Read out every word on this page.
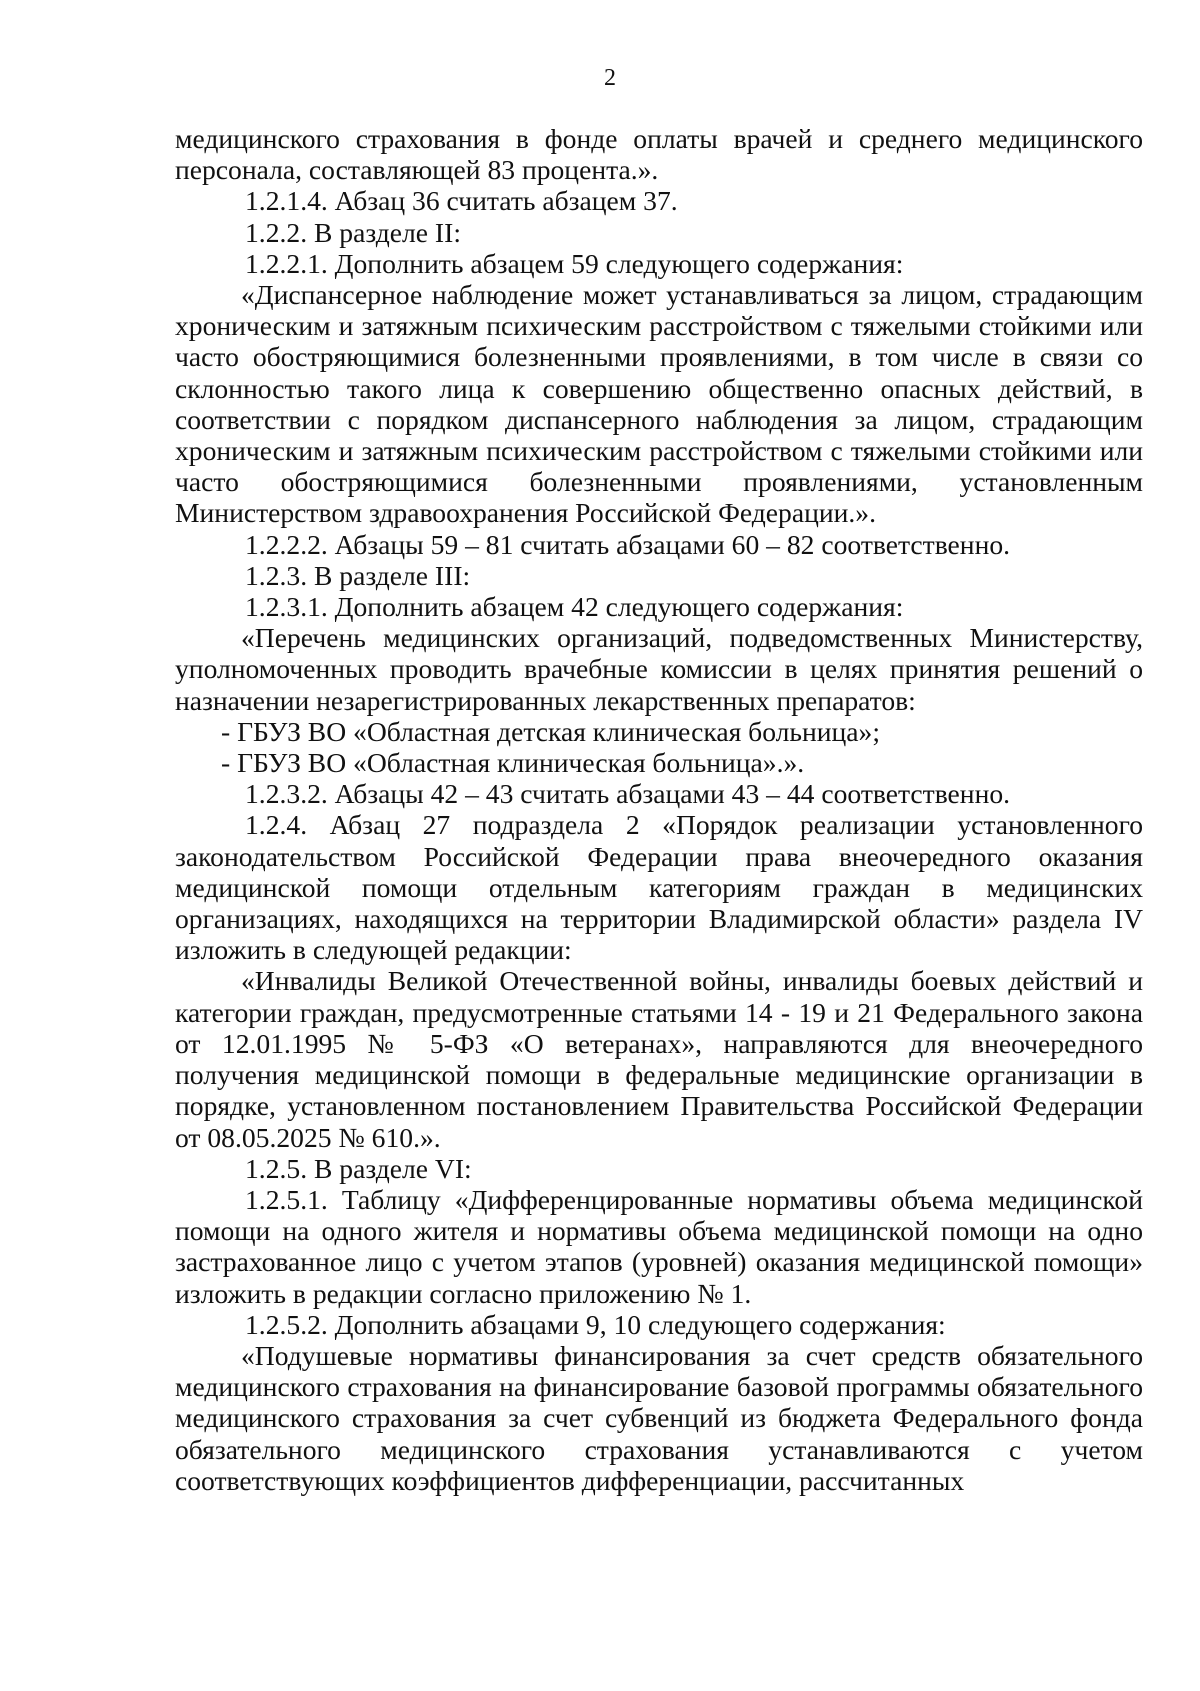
2

медицинского страхования в фонде оплаты врачей и среднего медицинского персонала, составляющей 83 процента.».

1.2.1.4. Абзац 36 считать абзацем 37.

1.2.2. В разделе II:

1.2.2.1. Дополнить абзацем 59 следующего содержания:

«Диспансерное наблюдение может устанавливаться за лицом, страдающим хроническим и затяжным психическим расстройством с тяжелыми стойкими или часто обостряющимися болезненными проявлениями, в том числе в связи со склонностью такого лица к совершению общественно опасных действий, в соответствии с порядком диспансерного наблюдения за лицом, страдающим хроническим и затяжным психическим расстройством с тяжелыми стойкими или часто обостряющимися болезненными проявлениями, установленным Министерством здравоохранения Российской Федерации.».

1.2.2.2. Абзацы 59 – 81 считать абзацами 60 – 82 соответственно.

1.2.3. В разделе III:

1.2.3.1. Дополнить абзацем 42 следующего содержания:

«Перечень медицинских организаций, подведомственных Министерству, уполномоченных проводить врачебные комиссии в целях принятия решений о назначении незарегистрированных лекарственных препаратов:

- ГБУЗ ВО «Областная детская клиническая больница»;

- ГБУЗ ВО «Областная клиническая больница».».

1.2.3.2. Абзацы 42 – 43 считать абзацами 43 – 44 соответственно.

1.2.4. Абзац 27 подраздела 2 «Порядок реализации установленного законодательством Российской Федерации права внеочередного оказания медицинской помощи отдельным категориям граждан в медицинских организациях, находящихся на территории Владимирской области» раздела IV изложить в следующей редакции:

«Инвалиды Великой Отечественной войны, инвалиды боевых действий и категории граждан, предусмотренные статьями 14 - 19 и 21 Федерального закона от 12.01.1995 № 5-ФЗ «О ветеранах», направляются для внеочередного получения медицинской помощи в федеральные медицинские организации в порядке, установленном постановлением Правительства Российской Федерации от 08.05.2025 № 610.».

1.2.5. В разделе VI:

1.2.5.1. Таблицу «Дифференцированные нормативы объема медицинской помощи на одного жителя и нормативы объема медицинской помощи на одно застрахованное лицо с учетом этапов (уровней) оказания медицинской помощи» изложить в редакции согласно приложению № 1.

1.2.5.2. Дополнить абзацами 9, 10 следующего содержания:

«Подушевые нормативы финансирования за счет средств обязательного медицинского страхования на финансирование базовой программы обязательного медицинского страхования за счет субвенций из бюджета Федерального фонда обязательного медицинского страхования устанавливаются с учетом соответствующих коэффициентов дифференциации, рассчитанных
